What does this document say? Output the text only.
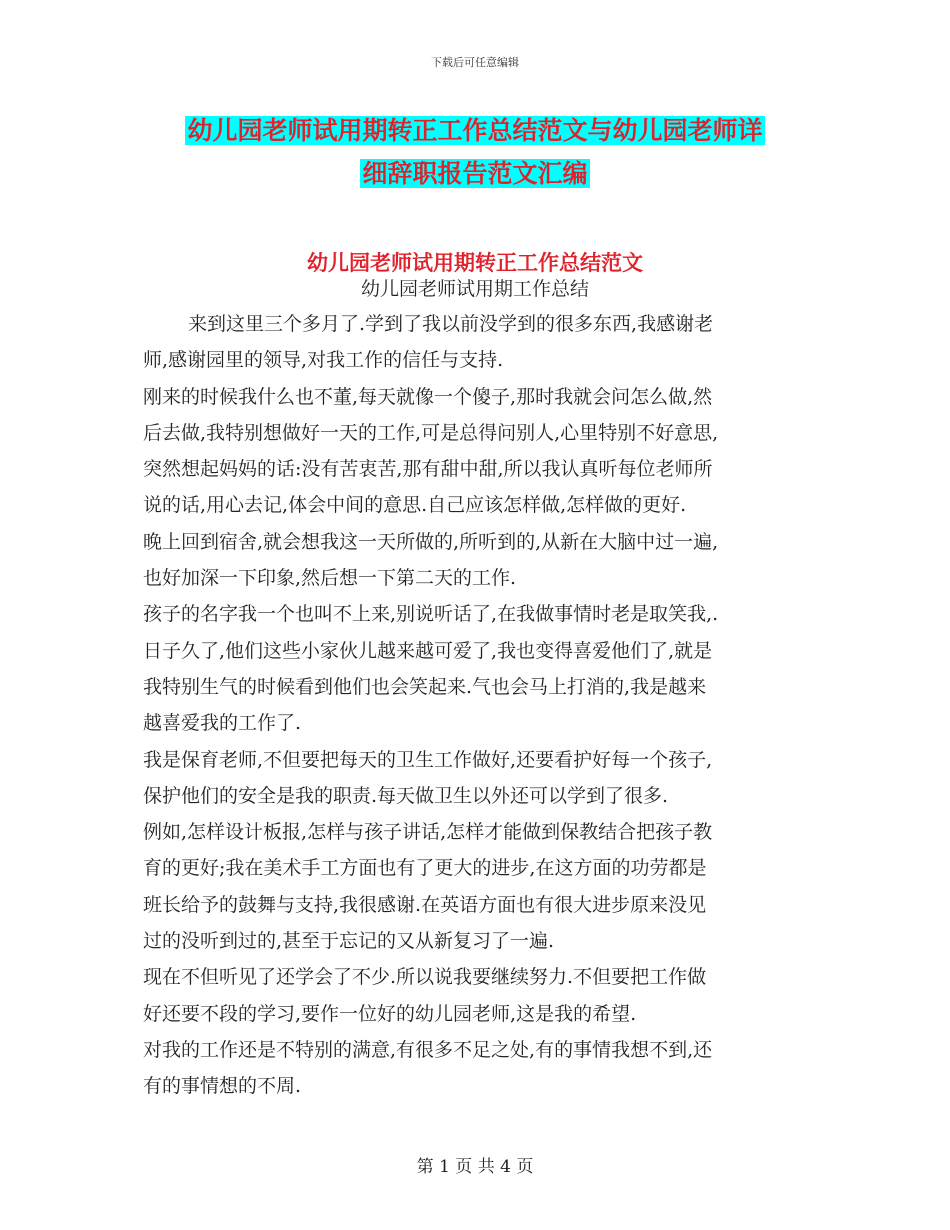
下载后可任意编辑
幼儿园老师试用期转正工作总结范文与幼儿园老师详
细辞职报告范文汇编
幼儿园老师试用期转正工作总结范文
幼儿园老师试用期工作总结
来到这里三个多月了.学到了我以前没学到的很多东西,我感谢老
师,感谢园里的领导,对我工作的信任与支持.
刚来的时候我什么也不董,每天就像一个傻子,那时我就会问怎么做,然
后去做,我特别想做好一天的工作,可是总得问别人,心里特别不好意思,
突然想起妈妈的话:没有苦衷苦,那有甜中甜,所以我认真听每位老师所
说的话,用心去记,体会中间的意思.自己应该怎样做,怎样做的更好.
晚上回到宿舍,就会想我这一天所做的,所听到的,从新在大脑中过一遍,
也好加深一下印象,然后想一下第二天的工作.
孩子的名字我一个也叫不上来,别说听话了,在我做事情时老是取笑我,.
日子久了,他们这些小家伙儿越来越可爱了,我也变得喜爱他们了,就是
我特别生气的时候看到他们也会笑起来.气也会马上打消的,我是越来
越喜爱我的工作了.
我是保育老师,不但要把每天的卫生工作做好,还要看护好每一个孩子,
保护他们的安全是我的职责.每天做卫生以外还可以学到了很多.
例如,怎样设计板报,怎样与孩子讲话,怎样才能做到保教结合把孩子教
育的更好;我在美术手工方面也有了更大的进步,在这方面的功劳都是
班长给予的鼓舞与支持,我很感谢.在英语方面也有很大进步原来没见
过的没听到过的,甚至于忘记的又从新复习了一遍.
现在不但听见了还学会了不少.所以说我要继续努力.不但要把工作做
好还要不段的学习,要作一位好的幼儿园老师,这是我的希望.
对我的工作还是不特别的满意,有很多不足之处,有的事情我想不到,还
有的事情想的不周.
第 1 页 共 4 页
